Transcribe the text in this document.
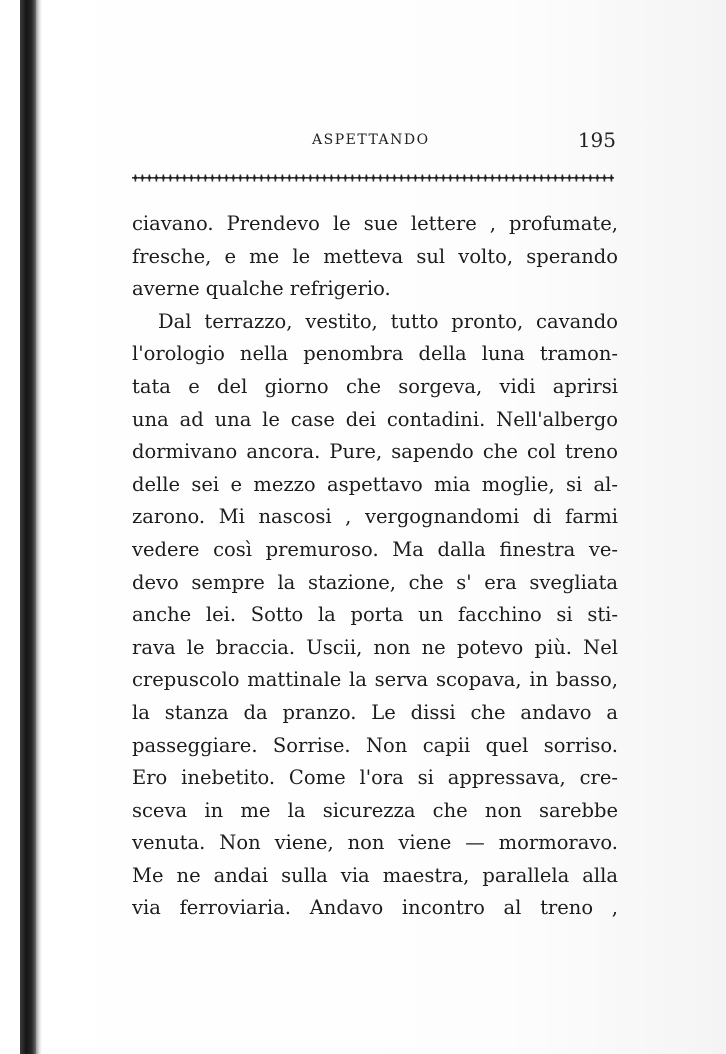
ASPETTANDO	195
ciavano. Prendevo le sue lettere , profumate,
fresche, e me le metteva sul volto, sperando
averne qualche refrigerio.
Dal terrazzo, vestito, tutto pronto, cavando
l'orologio nella penombra della luna tramon-
tata e del giorno che sorgeva, vidi aprirsi
una ad una le case dei contadini. Nell'albergo
dormivano ancora. Pure, sapendo che col treno
delle sei e mezzo aspettavo mia moglie, si al-
zarono. Mi nascosi , vergognandomi di farmi
vedere così premuroso. Ma dalla finestra ve-
devo sempre la stazione, che s' era svegliata
anche lei. Sotto la porta un facchino si sti-
rava le braccia. Uscii, non ne potevo più. Nel
crepuscolo mattinale la serva scopava, in basso,
la stanza da pranzo. Le dissi che andavo a
passeggiare. Sorrise. Non capii quel sorriso.
Ero inebetito. Come l'ora si appressava, cre-
sceva in me la sicurezza che non sarebbe
venuta. Non viene, non viene — mormoravo.
Me ne andai sulla via maestra, parallela alla
via ferroviaria. Andavo incontro al treno ,
